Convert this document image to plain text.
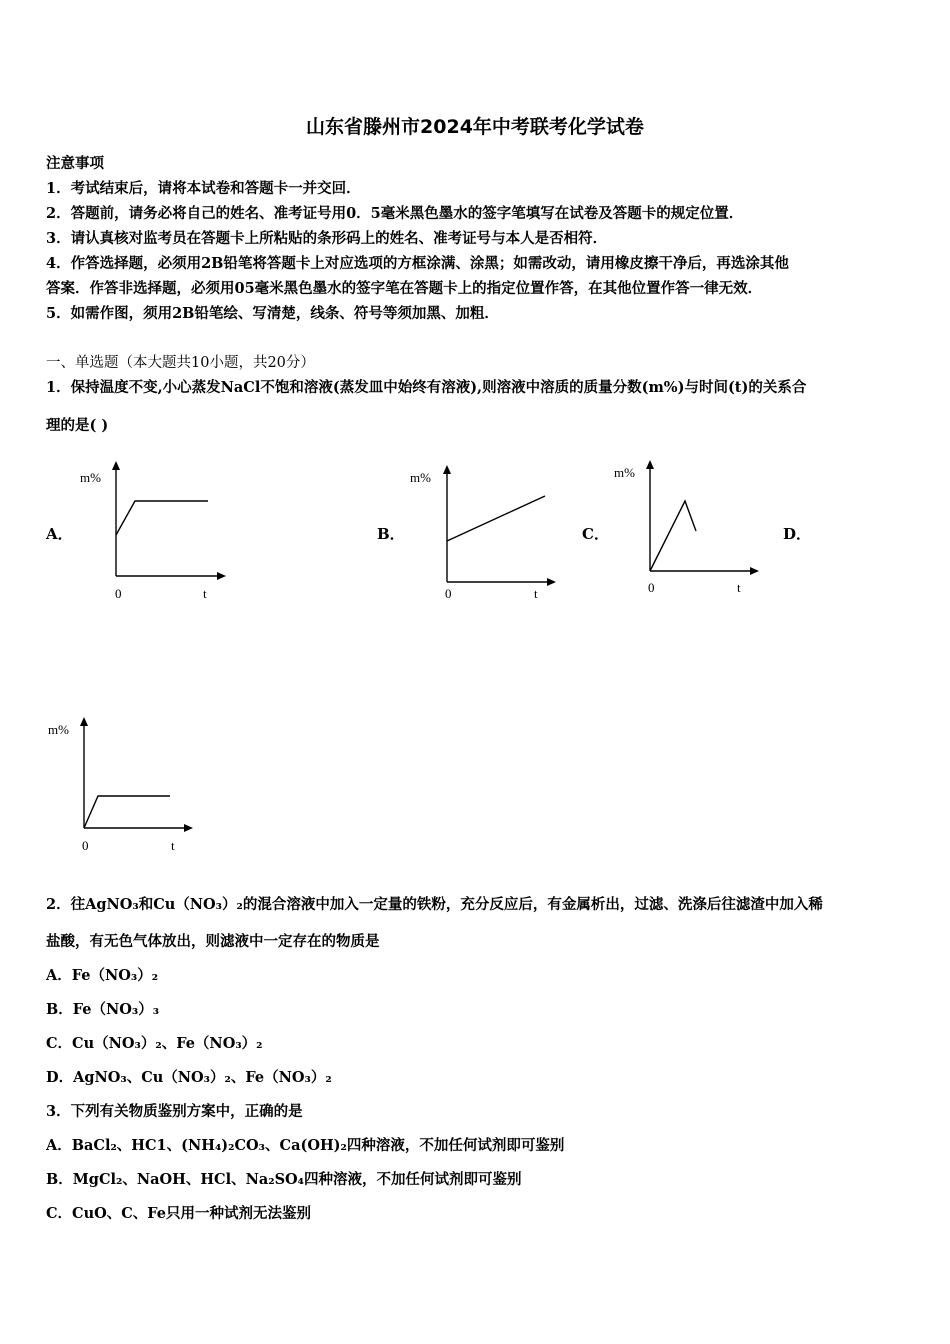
山东省滕州市2024年中考联考化学试卷
注意事项
1．考试结束后，请将本试卷和答题卡一并交回．
2．答题前，请务必将自己的姓名、准考证号用0．5毫米黑色墨水的签字笔填写在试卷及答题卡的规定位置．
3．请认真核对监考员在答题卡上所粘贴的条形码上的姓名、准考证号与本人是否相符．
4．作答选择题，必须用2B铅笔将答题卡上对应选项的方框涂满、涂黑；如需改动，请用橡皮擦干净后，再选涂其他
答案．作答非选择题，必须用05毫米黑色墨水的签字笔在答题卡上的指定位置作答，在其他位置作答一律无效．
5．如需作图，须用2B铅笔绘、写清楚，线条、符号等须加黑、加粗．
一、单选题（本大题共10小题，共20分）
1．保持温度不变,小心蒸发NaCl不饱和溶液(蒸发皿中始终有溶液),则溶液中溶质的质量分数(m%)与时间(t)的关系合
理的是( )
A．	B．	C．	D．
m%
0	t
m%
0	t
m%
0	t
m%
0	t
2．往AgNO₃和Cu（NO₃）₂的混合溶液中加入一定量的铁粉，充分反应后，有金属析出，过滤、洗涤后往滤渣中加入稀
盐酸，有无色气体放出，则滤液中一定存在的物质是
A．Fe（NO₃）₂
B．Fe（NO₃）₃
C．Cu（NO₃）₂、Fe（NO₃）₂
D．AgNO₃、Cu（NO₃）₂、Fe（NO₃）₂
3．下列有关物质鉴别方案中，正确的是
A．BaCl₂、HC1、(NH₄)₂CO₃、Ca(OH)₂四种溶液，不加任何试剂即可鉴别
B．MgCl₂、NaOH、HCl、Na₂SO₄四种溶液，不加任何试剂即可鉴别
C．CuO、C、Fe只用一种试剂无法鉴别
